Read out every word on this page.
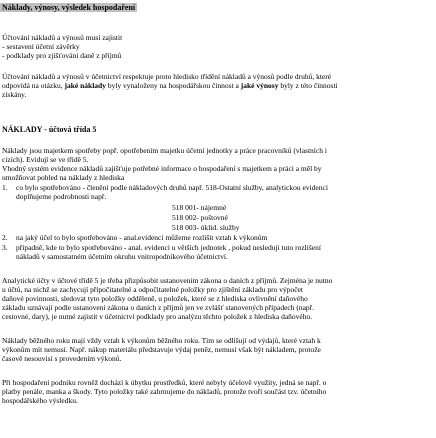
Náklady, výnosy, výsledek hospodaření
Účtování nákladů a výnosů musí zajistit
- sestavení účetní závěrky
- podklady pro zjišťování daně z příjmů
Účtování nákladů a výnosů v účetnictví respektuje proto hledisko třídění nákladů a výnosů podle druhů, které
odpovídá na otázku, jaké náklady byly vynaloženy na hospodářskou činnost a jaké výnosy byly z této činnosti
získány.
NÁKLADY - účtová třída 5
Náklady jsou majetkem spotřeby popř. opotřebením majetku účetní jednotky a práce pracovníků (vlastních i
cizích). Evidují se ve třídě 5.
Vhodný systém evidence nákladů zajišťuje potřebné informace o hospodaření s majetkem a práci a měl by
umožňovat pohled na náklady z hlediska
1. co bylo spotřebováno - členění podle nákladových druhů např. 518-Ostatní služby, analytickou evidencí
doplňujeme podrobnosti např.
518 001- nájemné
518 002- poštovné
518 003- úklid. služby
2. na jaký účel to bylo spotřebováno - anal.evidenci můžeme rozlišit vztah k výkonům
3. případně, kde to bylo spotřebováno - anal. evidenci u větších jednotek , pokud nesleduji tuto rozlišení
nákladů v samostatném účetním okruhu vnitropodnikového účetnictví.
Analytické účty v účtové třídě 5 je třeba přizpůsobit ustanovením zákona o daních z příjmů. Zejména je nutno
u účtů, na nichž se zachycují připočitatelné a odpočitatelné položky pro zjištění základu pro výpočet
daňové povinnosti, sledovat tyto položky odděleně, u položek, které se z hlediska ovlivnění daňového
základu uznávají podle ustanovení zákona o daních z příjmů jen ve zvlášť stanovených případech (např.
cestovné, dary), je nutné zajistit v účetnictví podklady pro analýzu těchto položek z hlediska daňového.
Náklady běžného roku mají vždy vztah k výkonům běžného roku. Tím se odlišují od výdajů, které vztah k
výkonům mít nemusí. Např. nákup materiálu představuje výdaj peněz, nemusí však být nákladem, protože
časově nesouvisí s provedením výkonů.
Při hospodaření podniku rovněž dochází k úbytku prostředků, které nebyly účelově využity, jedná se např. o
platby penále, manka a škody. Tyto položky také zahrnujeme do nákladů, protože tvoří součást tzv. účetního
hospodářského výsledku.
